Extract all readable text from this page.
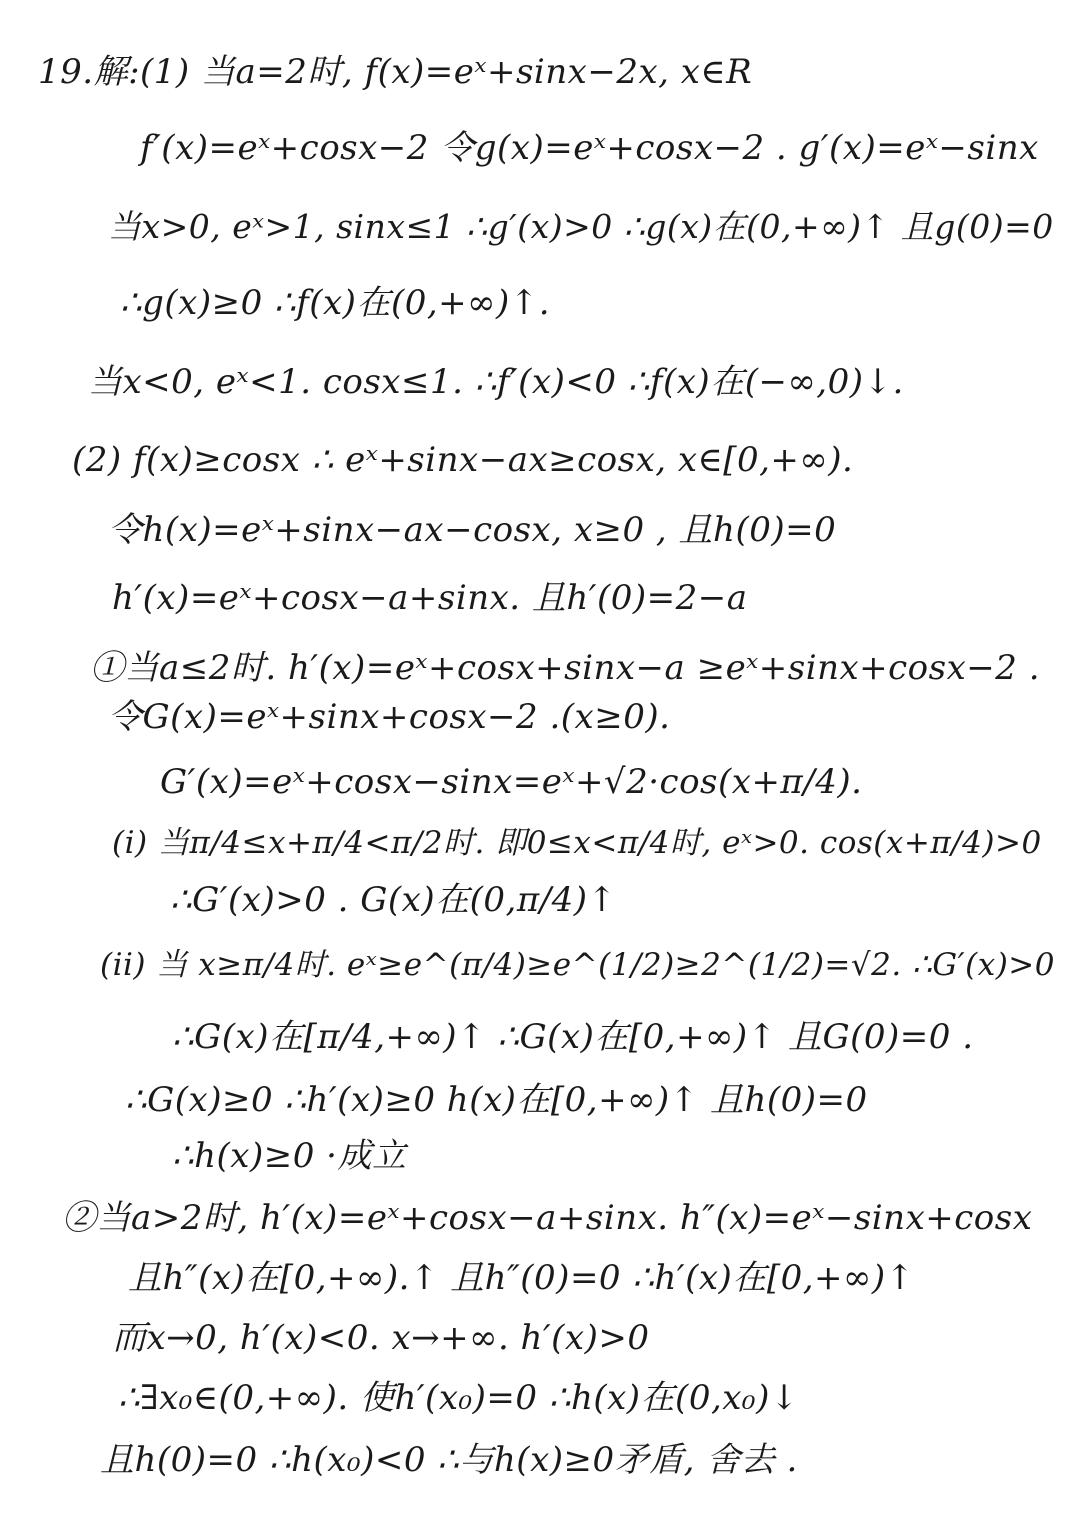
19.解:(1) 当a=2时, f(x)=eˣ+sinx−2x, x∈R
f′(x)=eˣ+cosx−2 令g(x)=eˣ+cosx−2 . g′(x)=eˣ−sinx
当x>0, eˣ>1, sinx≤1 ∴g′(x)>0 ∴g(x)在(0,+∞)↑ 且g(0)=0
∴g(x)≥0 ∴f(x)在(0,+∞)↑.
当x<0, eˣ<1. cosx≤1. ∴f′(x)<0 ∴f(x)在(−∞,0)↓.
(2) f(x)≥cosx ∴ eˣ+sinx−ax≥cosx, x∈[0,+∞).
令h(x)=eˣ+sinx−ax−cosx, x≥0 , 且h(0)=0
h′(x)=eˣ+cosx−a+sinx. 且h′(0)=2−a
①当a≤2时. h′(x)=eˣ+cosx+sinx−a ≥eˣ+sinx+cosx−2 .
令G(x)=eˣ+sinx+cosx−2 .(x≥0).
G′(x)=eˣ+cosx−sinx=eˣ+√2·cos(x+π/4).
(i) 当π/4≤x+π/4<π/2时. 即0≤x<π/4时, eˣ>0. cos(x+π/4)>0
∴G′(x)>0 . G(x)在(0,π/4)↑
(ii) 当 x≥π/4时. eˣ≥e^(π/4)≥e^(1/2)≥2^(1/2)=√2. ∴G′(x)>0
∴G(x)在[π/4,+∞)↑ ∴G(x)在[0,+∞)↑ 且G(0)=0 .
∴G(x)≥0 ∴h′(x)≥0 h(x)在[0,+∞)↑ 且h(0)=0
∴h(x)≥0 ·成立
②当a>2时, h′(x)=eˣ+cosx−a+sinx. h″(x)=eˣ−sinx+cosx
且h″(x)在[0,+∞).↑ 且h″(0)=0 ∴h′(x)在[0,+∞)↑
而x→0, h′(x)<0. x→+∞. h′(x)>0
∴∃x₀∈(0,+∞). 使h′(x₀)=0 ∴h(x)在(0,x₀)↓
且h(0)=0 ∴h(x₀)<0 ∴与h(x)≥0矛盾, 舍去 .
